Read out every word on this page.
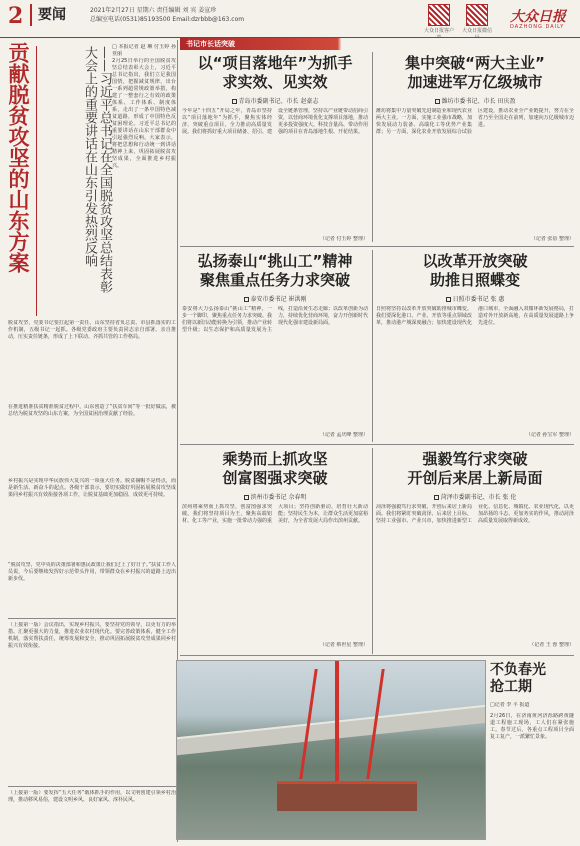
2	要闻	2021年2月27日 星期六 责任编辑 刘 宾 姜宣珍
总编室电话(0531)85193500 Email:dzrbbb@163.com
大众日报客户 大众日报微信
大众日报
DAZHONG DAILY
贡献脱贫攻坚的山东方案	——习近平总书记在全国脱贫攻坚总结表彰大会上的重要讲话在山东引发热烈反响	□ 本报记者 赵 琳 付玉婷 孙亚丽
2月25日举行的全国脱贫攻坚总结表彰大会上，习近平总书记指出，我们立足我国国情，把握减贫规律，出台一系列超常规政策举措，构建了一整套行之有效的政策体系、工作体系、制度体系，走出了一条中国特色减贫道路，形成了中国特色反贫困理论。习近平总书记的重要讲话在山东干部群众中引起强烈反响。大家表示，将把思想和行动统一到讲话精神上来，巩固拓展脱贫攻坚成果，全面推进乡村振兴。
脱贫攻坚，党委书记要扛起第一责任。山东坚持省负总责、市县抓落实的工作机制，五级书记一起抓。各级党委政府主要负责同志亲自部署、亲自推动，压实责任链条，形成了上下联动、齐抓共管的工作格局。
在推进精准扶贫精准脱贫过程中，山东创造了“扶贫车间”等一批好做法，被总结为脱贫攻坚的山东方案，为全国贫困治理贡献了经验。
乡村振兴是实现中华民族伟大复兴的一项重大任务。脱贫摘帽不是终点，而是新生活、新奋斗的起点。各级干部表示，要切实做好巩固拓展脱贫攻坚成果同乡村振兴有效衔接各项工作，让脱贫基础更加稳固、成效更可持续。
“脱贫攻坚，党中央的决策部署和惠民政策让我们过上了好日子。”扶贫工作人员说，今后要继续发挥好示范带头作用，带领群众在乡村振兴的道路上迈出新步伐。
（上接第一版）会议指出，实现乡村振兴，要坚持党的领导，以更有力的举措、汇聚更强大的力量，推进农业农村现代化。要完善政策体系，健全工作机制，落实帮扶责任，统筹发展和安全，推动巩固拓展脱贫攻坚成果同乡村振兴有效衔接。
（上接第一版）要发挥“五大任务”载体抓手的作用，以文明创建引领乡村治理，推动移风易俗，建设文明乡风、良好家风、淳朴民风。
书记市长话突破
以“项目落地年”为抓手
求实效、见实效
青岛市委副书记、市长 赵豪志
今年是“十四五”开局之年，青岛市坚持以“项目落地年”为抓手，聚焦实体经济、突破重点项目，全力推动高质量发展。我们将抓好重大项目储备、招引、建设全链条管理，坚持以产业链带动招商引资，以营商环境优化支撑项目落地，推动更多投资强度大、科技含量高、带动作用强的项目在青岛落地生根、开花结果。
（记者 付玉婷 整理）
集中突破“两大主业”
加速进军万亿级城市
潍坊市委书记、市长 田庆盈
潍坊将集中力量突破先进制造业和现代农业两大主业。一方面，实施工业强市战略，加快发展动力装备、高端化工等优势产业集群；另一方面，深化农业开放发展综合试验区建设，推动农业全产业链提升，努力在全省乃至全国走在前列，加速向万亿级城市迈进。
（记者 张蓓 整理）
弘扬泰山“挑山工”精神
聚焦重点任务力求突破
泰安市委书记 崔洪刚
泰安将大力弘扬泰山“挑山工”精神，一步一个脚印，聚焦重点任务力求突破。我们将以新旧动能转换为引领，推动产业转型升级；以生态保护和高质量发展为主线，打造沿黄生态走廊；以改革创新为动力，持续优化营商环境，奋力开创新时代现代化强市建设新局面。
（记者 孟庆峰 整理）
以改革开放突破
助推日照蝶变
日照市委书记 张 惠
日照将坚持以改革开放突破助推城市蝶变。我们要深化港口、产业、开放等重点领域改革，推动港产城深度融合；加快建设现代化港口城市，全面融入双循环新发展格局，打造对外开放新高地，在高质量发展道路上争先进位。
（记者 孙宝军 整理）
乘势而上抓攻坚
创富图强求突破
滨州市委书记 佘春明
滨州将乘势而上抓攻坚，创富图强求突破。我们将坚持项目为王，聚焦高端铝材、化工等产业，实施一批带动力强的重大项目；坚持创新驱动，培育壮大新动能；坚持民生为本，让群众生活更加富裕美好，为全省发展大局作出滨州贡献。
（记者 蔡世星 整理）
强毅笃行求突破
开创后来居上新局面
菏泽市委副书记、市长 张 伦
菏泽将强毅笃行求突破，开创后来居上新局面。我们将紧盯突破菏泽、后来居上目标，坚持工业强市、产业兴市，加快推进新型工业化、信息化、城镇化、农业现代化，以更加昂扬的斗志、更加务实的作风，推动菏泽高质量发展取得新成效。
（记者 王 蓉 整理）
不负春光
抢工期
□记者 李 平 报道
2月26日，在济南黄河济泺路跨黄隧道工程施工现场，工人们在紧张施工。春节过后，各重点工程项目全面复工复产，一派繁忙景象。
